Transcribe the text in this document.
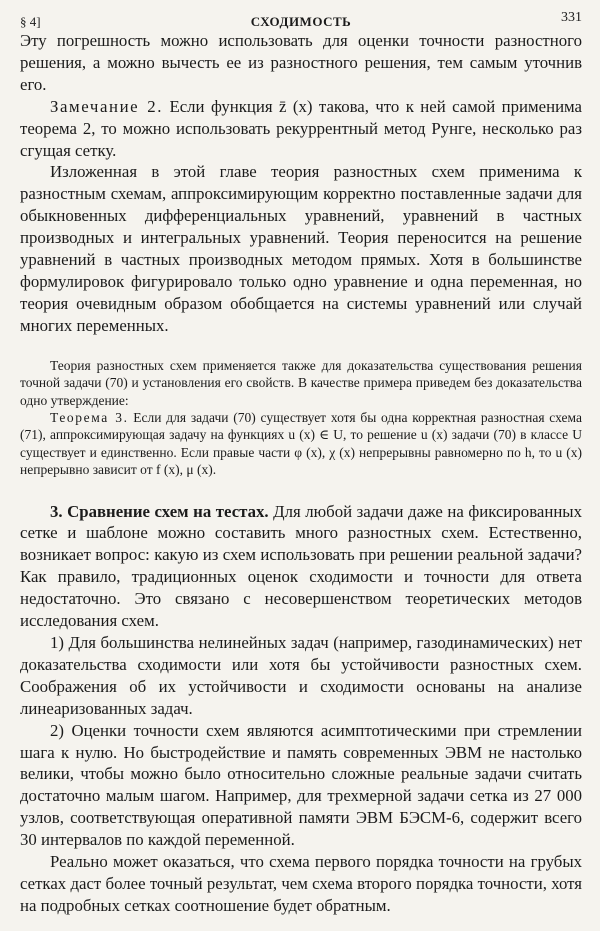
§ 4]	СХОДИМОСТЬ	331

Эту погрешность можно использовать для оценки точности разностного решения, а можно вычесть ее из разностного решения, тем самым уточнив его.

Замечание 2. Если функция z̄ (x) такова, что к ней самой применима теорема 2, то можно использовать рекуррентный метод Рунге, несколько раз сгущая сетку.

Изложенная в этой главе теория разностных схем применима к разностным схемам, аппроксимирующим корректно поставленные задачи для обыкновенных дифференциальных уравнений, уравнений в частных производных и интегральных уравнений. Теория переносится на решение уравнений в частных производных методом прямых. Хотя в большинстве формулировок фигурировало только одно уравнение и одна переменная, но теория очевидным образом обобщается на системы уравнений или случай многих переменных.

Теория разностных схем применяется также для доказательства существования решения точной задачи (70) и установления его свойств. В качестве примера приведем без доказательства одно утверждение:

Теорема 3. Если для задачи (70) существует хотя бы одна корректная разностная схема (71), аппроксимирующая задачу на функциях u (x) ∈ U, то решение u (x) задачи (70) в классе U существует и единственно. Если правые части φ (x), χ (x) непрерывны равномерно по h, то u (x) непрерывно зависит от f (x), μ (x).

3. Сравнение схем на тестах. Для любой задачи даже на фиксированных сетке и шаблоне можно составить много разностных схем. Естественно, возникает вопрос: какую из схем использовать при решении реальной задачи? Как правило, традиционных оценок сходимости и точности для ответа недостаточно. Это связано с несовершенством теоретических методов исследования схем.

1) Для большинства нелинейных задач (например, газодинамических) нет доказательства сходимости или хотя бы устойчивости разностных схем. Соображения об их устойчивости и сходимости основаны на анализе линеаризованных задач.

2) Оценки точности схем являются асимптотическими при стремлении шага к нулю. Но быстродействие и память современных ЭВМ не настолько велики, чтобы можно было относительно сложные реальные задачи считать достаточно малым шагом. Например, для трехмерной задачи сетка из 27 000 узлов, соответствующая оперативной памяти ЭВМ БЭСМ-6, содержит всего 30 интервалов по каждой переменной.

Реально может оказаться, что схема первого порядка точности на грубых сетках даст более точный результат, чем схема второго порядка точности, хотя на подробных сетках соотношение будет обратным.
